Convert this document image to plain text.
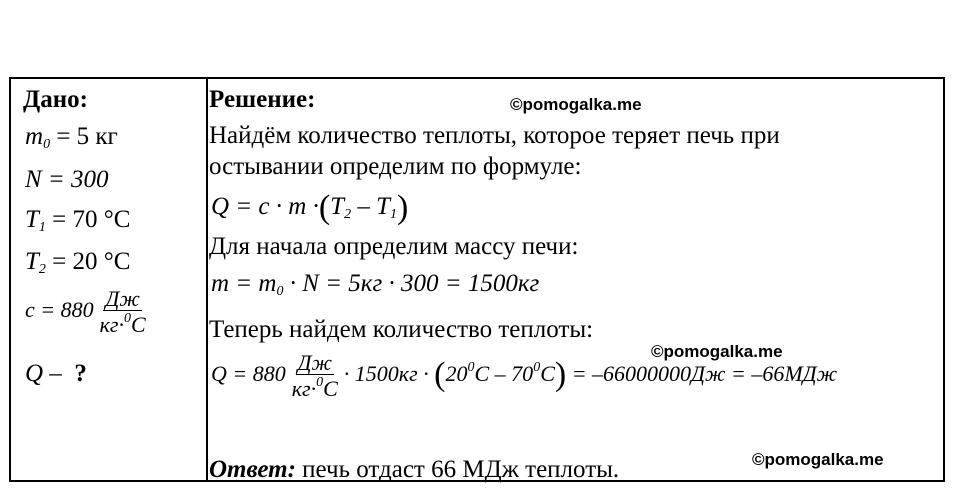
Дано:
$m_0 = 5$ кг
N = 300
$T_1 = 70$ °C
$T_2 = 20$ °C
$c = 880 \frac{Дж}{кг\cdot^0C}$
Q – ?
Решение:
Найдём количество теплоты, которое теряет печь при
остывании определим по формуле:
$Q = c \cdot m \cdot(T_2 - T_1)$
Для начала определим массу печи:
$m = m_0 \cdot N = 5кг \cdot 300 = 1500кг$
Теперь найдем количество теплоты:
$Q = 880 \frac{Дж}{кг\cdot^0C} \cdot 1500кг \cdot (20^0C - 70^0C) = -66000000Дж = -66МДж$
Ответ: печь отдаст 66 МДж теплоты.
©pomogalka.me
©pomogalka.me
©pomogalka.me
